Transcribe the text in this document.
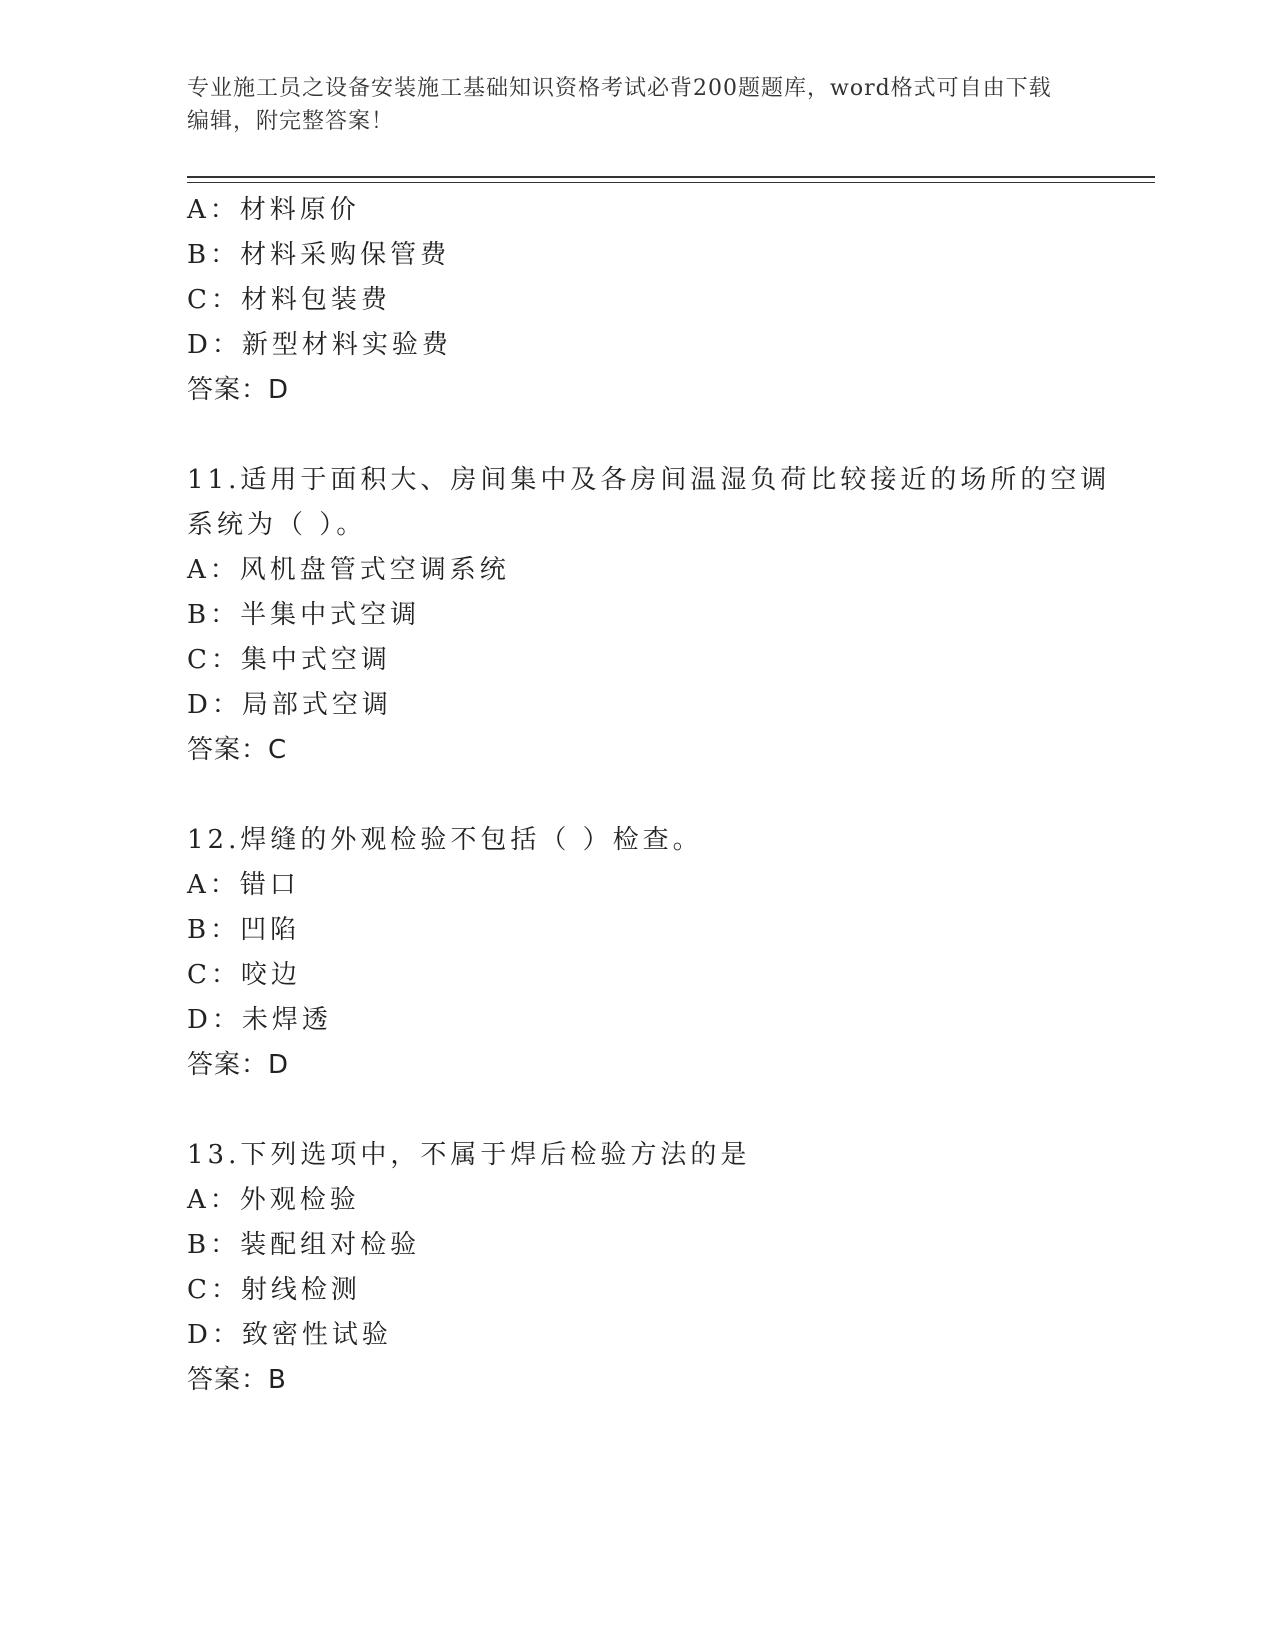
专业施工员之设备安装施工基础知识资格考试必背200题题库，word格式可自由下载编辑，附完整答案！
A：材料原价
B：材料采购保管费
C：材料包装费
D：新型材料实验费
答案：D
11.适用于面积大、房间集中及各房间温湿负荷比较接近的场所的空调
系统为（ ）。
A：风机盘管式空调系统
B：半集中式空调
C：集中式空调
D：局部式空调
答案：C
12.焊缝的外观检验不包括（ ）检查。
A：错口
B：凹陷
C：咬边
D：未焊透
答案：D
13.下列选项中，不属于焊后检验方法的是
A：外观检验
B：装配组对检验
C：射线检测
D：致密性试验
答案：B
